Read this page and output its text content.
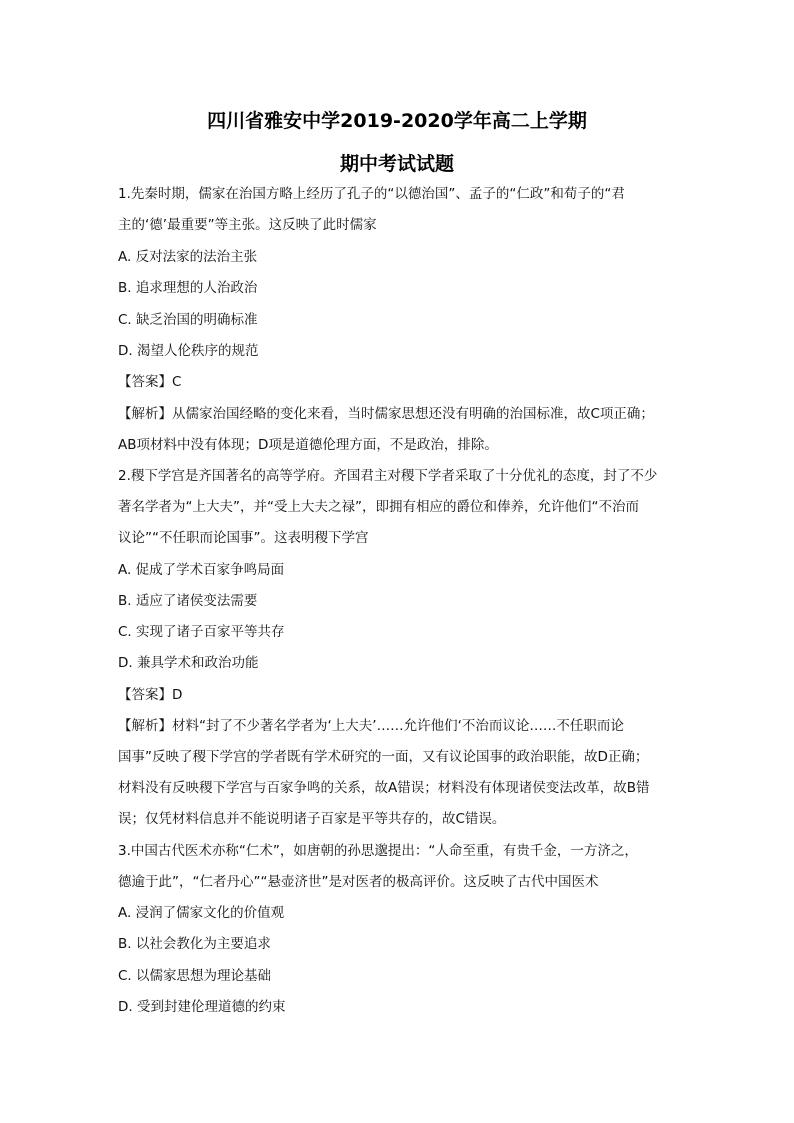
四川省雅安中学2019-2020学年高二上学期
期中考试试题
1.先秦时期，儒家在治国方略上经历了孔子的“以德治国”、孟子的“仁政”和荀子的“君
主的‘德’最重要”等主张。这反映了此时儒家
A. 反对法家的法治主张
B. 追求理想的人治政治
C. 缺乏治国的明确标准
D. 渴望人伦秩序的规范
【答案】C
【解析】从儒家治国经略的变化来看，当时儒家思想还没有明确的治国标准，故C项正确；
AB项材料中没有体现；D项是道德伦理方面，不是政治，排除。
2.稷下学宫是齐国著名的高等学府。齐国君主对稷下学者采取了十分优礼的态度，封了不少
著名学者为“上大夫”，并“受上大夫之禄”，即拥有相应的爵位和俸养，允许他们“不治而
议论”“不任职而论国事”。这表明稷下学宫
A. 促成了学术百家争鸣局面
B. 适应了诸侯变法需要
C. 实现了诸子百家平等共存
D. 兼具学术和政治功能
【答案】D
【解析】材料“封了不少著名学者为‘上大夫’……允许他们‘不治而议论……不任职而论
国事”反映了稷下学宫的学者既有学术研究的一面，又有议论国事的政治职能，故D正确；
材料没有反映稷下学宫与百家争鸣的关系，故A错误；材料没有体现诸侯变法改革，故B错
误；仅凭材料信息并不能说明诸子百家是平等共存的，故C错误。
3.中国古代医术亦称“仁术”，如唐朝的孙思邈提出：“人命至重，有贵千金，一方济之，
德逾于此”，“仁者丹心”“悬壶济世”是对医者的极高评价。这反映了古代中国医术
A. 浸润了儒家文化的价值观
B. 以社会教化为主要追求
C. 以儒家思想为理论基础
D. 受到封建伦理道德的约束
